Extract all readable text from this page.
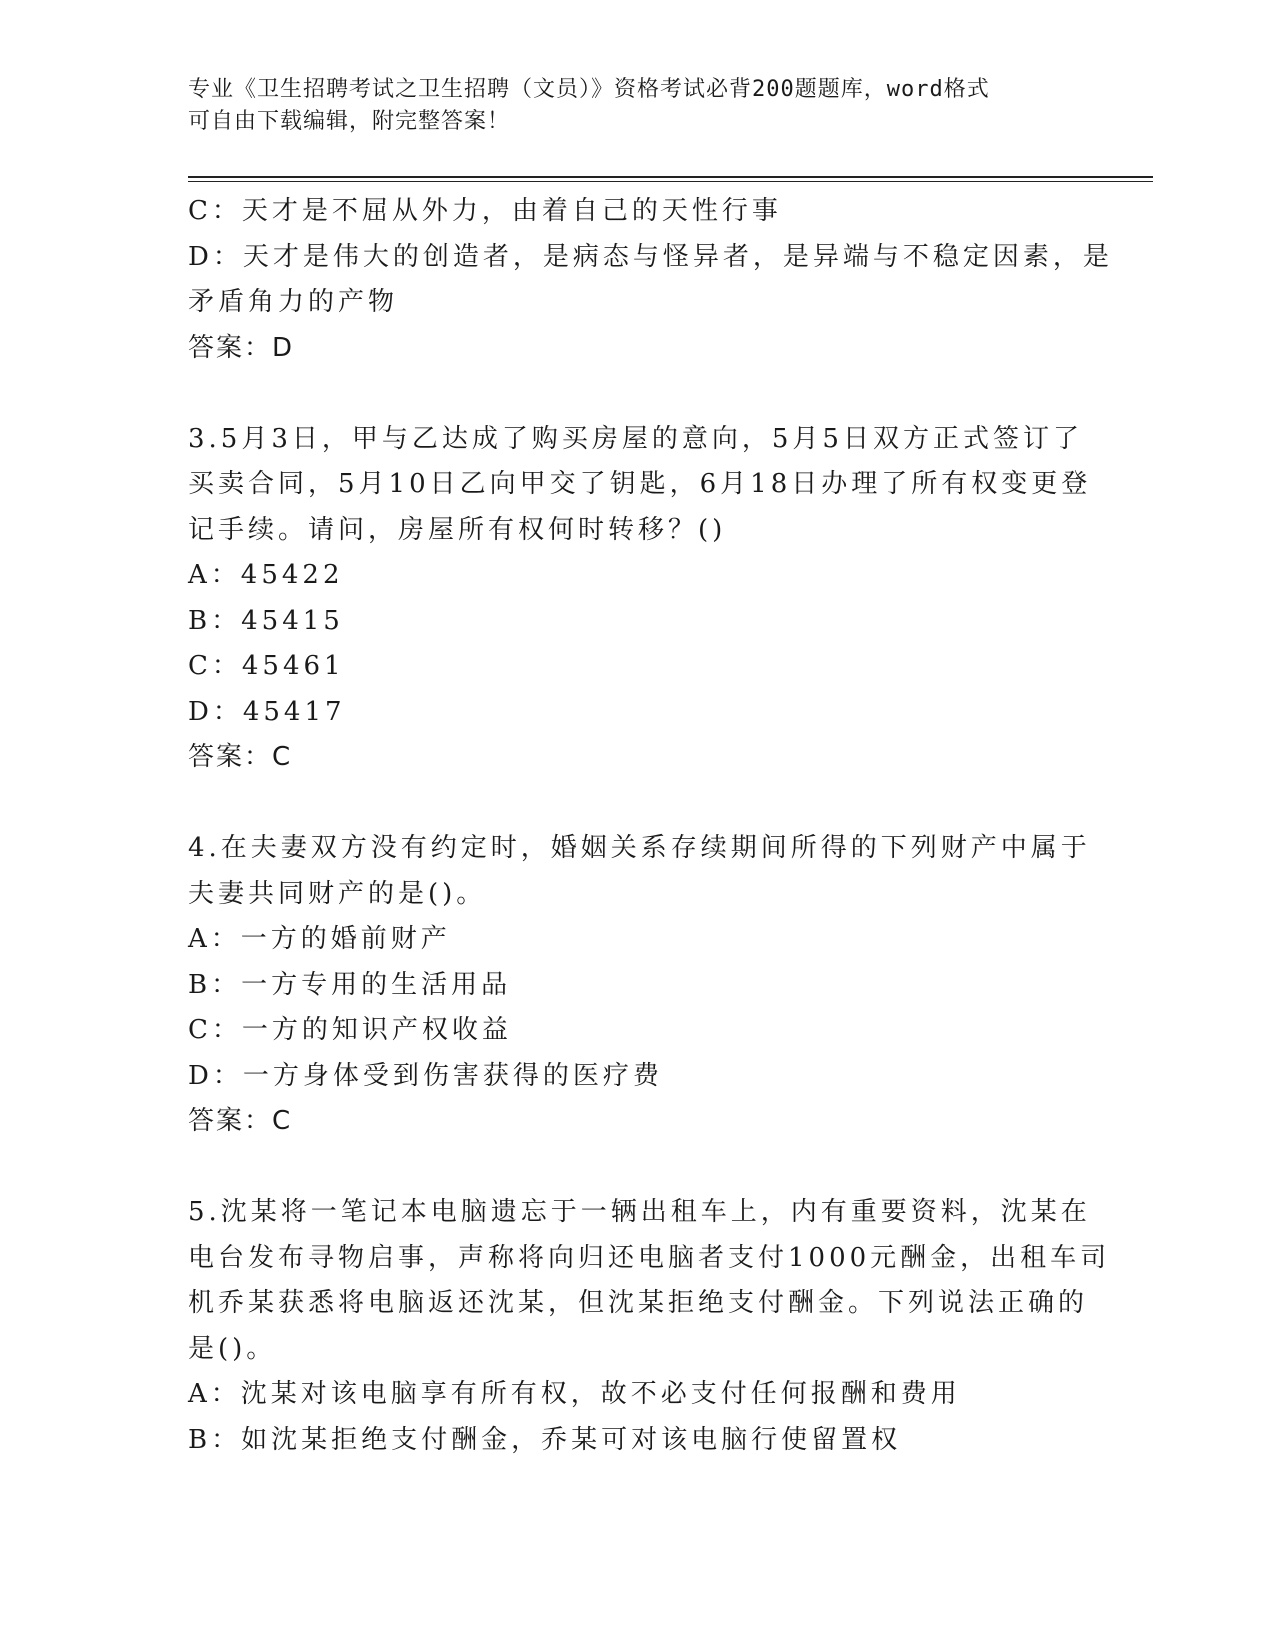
专业《卫生招聘考试之卫生招聘（文员）》资格考试必背200题题库，word格式
可自由下载编辑，附完整答案！
C：天才是不屈从外力，由着自己的天性行事
D：天才是伟大的创造者，是病态与怪异者，是异端与不稳定因素，是
矛盾角力的产物
答案：D
3.5月3日，甲与乙达成了购买房屋的意向，5月5日双方正式签订了
买卖合同，5月10日乙向甲交了钥匙，6月18日办理了所有权变更登
记手续。请问，房屋所有权何时转移？()
A：45422
B：45415
C：45461
D：45417
答案：C
4.在夫妻双方没有约定时，婚姻关系存续期间所得的下列财产中属于
夫妻共同财产的是()。
A：一方的婚前财产
B：一方专用的生活用品
C：一方的知识产权收益
D：一方身体受到伤害获得的医疗费
答案：C
5.沈某将一笔记本电脑遗忘于一辆出租车上，内有重要资料，沈某在
电台发布寻物启事，声称将向归还电脑者支付1000元酬金，出租车司
机乔某获悉将电脑返还沈某，但沈某拒绝支付酬金。下列说法正确的
是()。
A：沈某对该电脑享有所有权，故不必支付任何报酬和费用
B：如沈某拒绝支付酬金，乔某可对该电脑行使留置权
